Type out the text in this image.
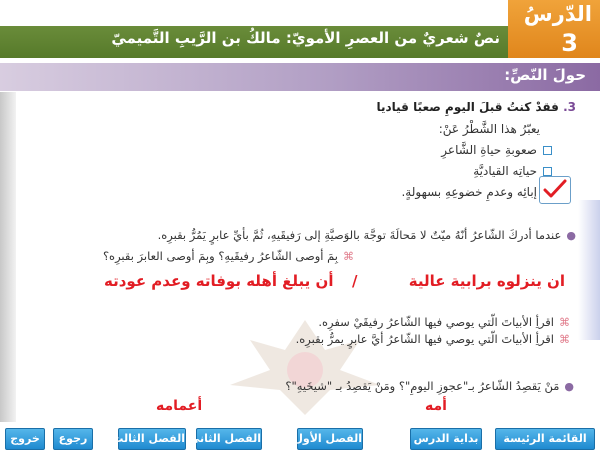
نصٌ شعريٌ من العصرِ الأمويّ: مالكُ بن الرَّيبِ التَّميميّ
الدّرسُ
3
حولَ النّصِّ:
3. فقدْ كنتُ قبلَ اليومِ صعبًا قياديا
يعبّرُ هذا الشَّطْرُ عَنْ:
صعوبةِ حياةِ الشَّاعرِ
حياتِه القياديَّةِ
إبائِه وعدمِ خضوعِهِ بسهولةٍ.
●عندما أدركَ الشّاعرُ أنّهُ ميّتٌ لا مَحالَةَ توجَّهَ بالوَصيَّةِ إلى رَفيقَيهِ، ثُمَّ بأيِّ عابرٍ يَمُرُّ بقبرِه.
⌘بِمَ أوصى الشّاعرُ رفيقَيهِ؟ وبِمَ أوصى العابرَ بقبرِه؟
ان ينزلوه برابية عالية
/
أن يبلغ أهله بوفاته وعدم عودته
⌘اقرأِ الأبياتَ الّتي يوصي فيها الشّاعرُ رفيقَيْ سفرِه.
⌘اقرأِ الأبياتَ الّتي يوصي فيها الشّاعرُ أيَّ عابرٍ يمرُّ بقبرِه.
●مَنْ يَقصِدُ الشّاعرُ بـ"عجوزِ اليومِ"؟ ومَنْ يَقصِدُ بـ "شيخَيهِ"؟
أمه
أعمامه
القائمة الرئيسة
بداية الدرس
الفصل الأول
الفصل الثاني
الفصل الثالث
رجوع
خروج
